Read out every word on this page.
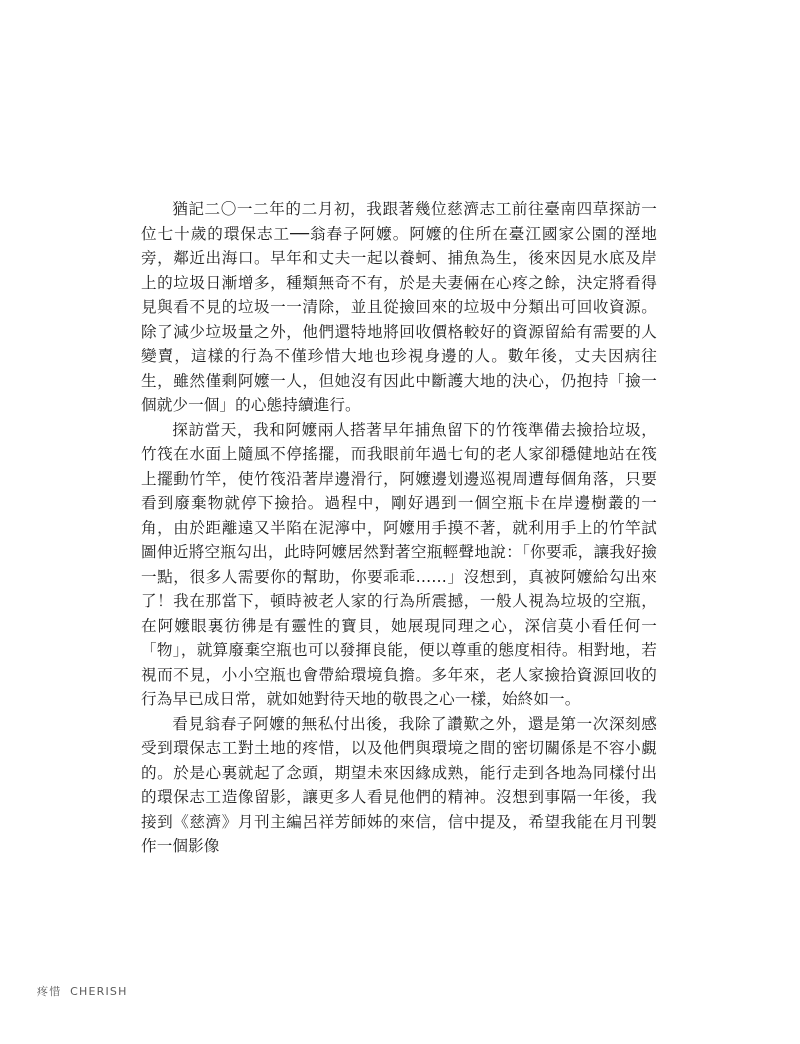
猶記二〇一二年的二月初，我跟著幾位慈濟志工前往臺南四草探訪一位七十歲的環保志工──翁春子阿嬤。阿嬤的住所在臺江國家公園的溼地旁，鄰近出海口。早年和丈夫一起以養蚵、捕魚為生，後來因見水底及岸上的垃圾日漸增多，種類無奇不有，於是夫妻倆在心疼之餘，決定將看得見與看不見的垃圾一一清除，並且從撿回來的垃圾中分類出可回收資源。除了減少垃圾量之外，他們還特地將回收價格較好的資源留給有需要的人變賣，這樣的行為不僅珍惜大地也珍視身邊的人。數年後，丈夫因病往生，雖然僅剩阿嬤一人，但她沒有因此中斷護大地的決心，仍抱持「撿一個就少一個」的心態持續進行。

探訪當天，我和阿嬤兩人搭著早年捕魚留下的竹筏準備去撿拾垃圾，竹筏在水面上隨風不停搖擺，而我眼前年過七旬的老人家卻穩健地站在筏上擺動竹竿，使竹筏沿著岸邊滑行，阿嬤邊划邊巡視周遭每個角落，只要看到廢棄物就停下撿拾。過程中，剛好遇到一個空瓶卡在岸邊樹叢的一角，由於距離遠又半陷在泥濘中，阿嬤用手摸不著，就利用手上的竹竿試圖伸近將空瓶勾出，此時阿嬤居然對著空瓶輕聲地說：「你要乖，讓我好撿一點，很多人需要你的幫助，你要乖乖……」沒想到，真被阿嬤給勾出來了！我在那當下，頓時被老人家的行為所震撼，一般人視為垃圾的空瓶，在阿嬤眼裏彷彿是有靈性的寶貝，她展現同理之心，深信莫小看任何一「物」，就算廢棄空瓶也可以發揮良能，便以尊重的態度相待。相對地，若視而不見，小小空瓶也會帶給環境負擔。多年來，老人家撿拾資源回收的行為早已成日常，就如她對待天地的敬畏之心一樣，始終如一。

看見翁春子阿嬤的無私付出後，我除了讚歎之外，還是第一次深刻感受到環保志工對土地的疼惜，以及他們與環境之間的密切關係是不容小覷的。於是心裏就起了念頭，期望未來因緣成熟，能行走到各地為同樣付出的環保志工造像留影，讓更多人看見他們的精神。沒想到事隔一年後，我接到《慈濟》月刊主編呂祥芳師姊的來信，信中提及，希望我能在月刊製作一個影像

疼惜 CHERISH
